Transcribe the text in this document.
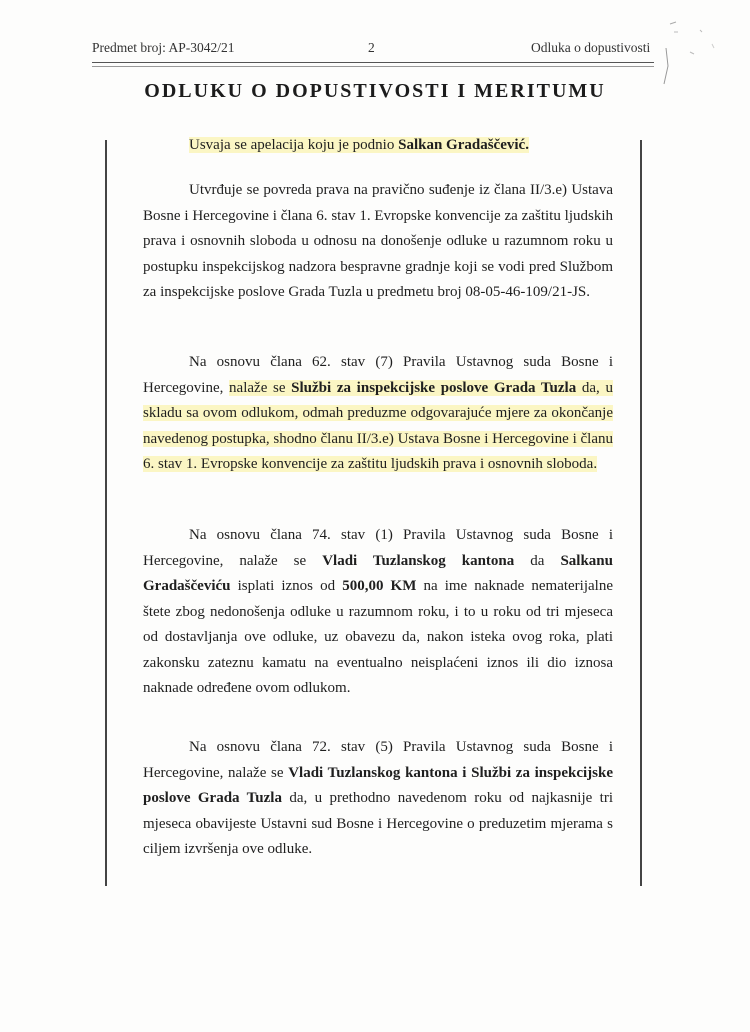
Predmet broj: AP-3042/21	2	Odluka o dopustivosti
ODLUKU O DOPUSTIVOSTI I MERITUMU

Usvaja se apelacija koju je podnio Salkan Gradaščević.

Utvrđuje se povreda prava na pravično suđenje iz člana II/3.e) Ustava Bosne i Hercegovine i člana 6. stav 1. Evropske konvencije za zaštitu ljudskih prava i osnovnih sloboda u odnosu na donošenje odluke u razumnom roku u postupku inspekcijskog nadzora bespravne gradnje koji se vodi pred Službom za inspekcijske poslove Grada Tuzla u predmetu broj 08-05-46-109/21-JS.

Na osnovu člana 62. stav (7) Pravila Ustavnog suda Bosne i Hercegovine, nalaže se Službi za inspekcijske poslove Grada Tuzla da, u skladu sa ovom odlukom, odmah preduzme odgovarajuće mjere za okončanje navedenog postupka, shodno članu II/3.e) Ustava Bosne i Hercegovine i članu 6. stav 1. Evropske konvencije za zaštitu ljudskih prava i osnovnih sloboda.

Na osnovu člana 74. stav (1) Pravila Ustavnog suda Bosne i Hercegovine, nalaže se Vladi Tuzlanskog kantona da Salkanu Gradaščeviću isplati iznos od 500,00 KM na ime naknade nematerijalne štete zbog nedonošenja odluke u razumnom roku, i to u roku od tri mjeseca od dostavljanja ove odluke, uz obavezu da, nakon isteka ovog roka, plati zakonsku zateznu kamatu na eventualno neisplaćeni iznos ili dio iznosa naknade određene ovom odlukom.

Na osnovu člana 72. stav (5) Pravila Ustavnog suda Bosne i Hercegovine, nalaže se Vladi Tuzlanskog kantona i Službi za inspekcijske poslove Grada Tuzla da, u prethodno navedenom roku od najkasnije tri mjeseca obavijeste Ustavni sud Bosne i Hercegovine o preduzetim mjerama s ciljem izvršenja ove odluke.
